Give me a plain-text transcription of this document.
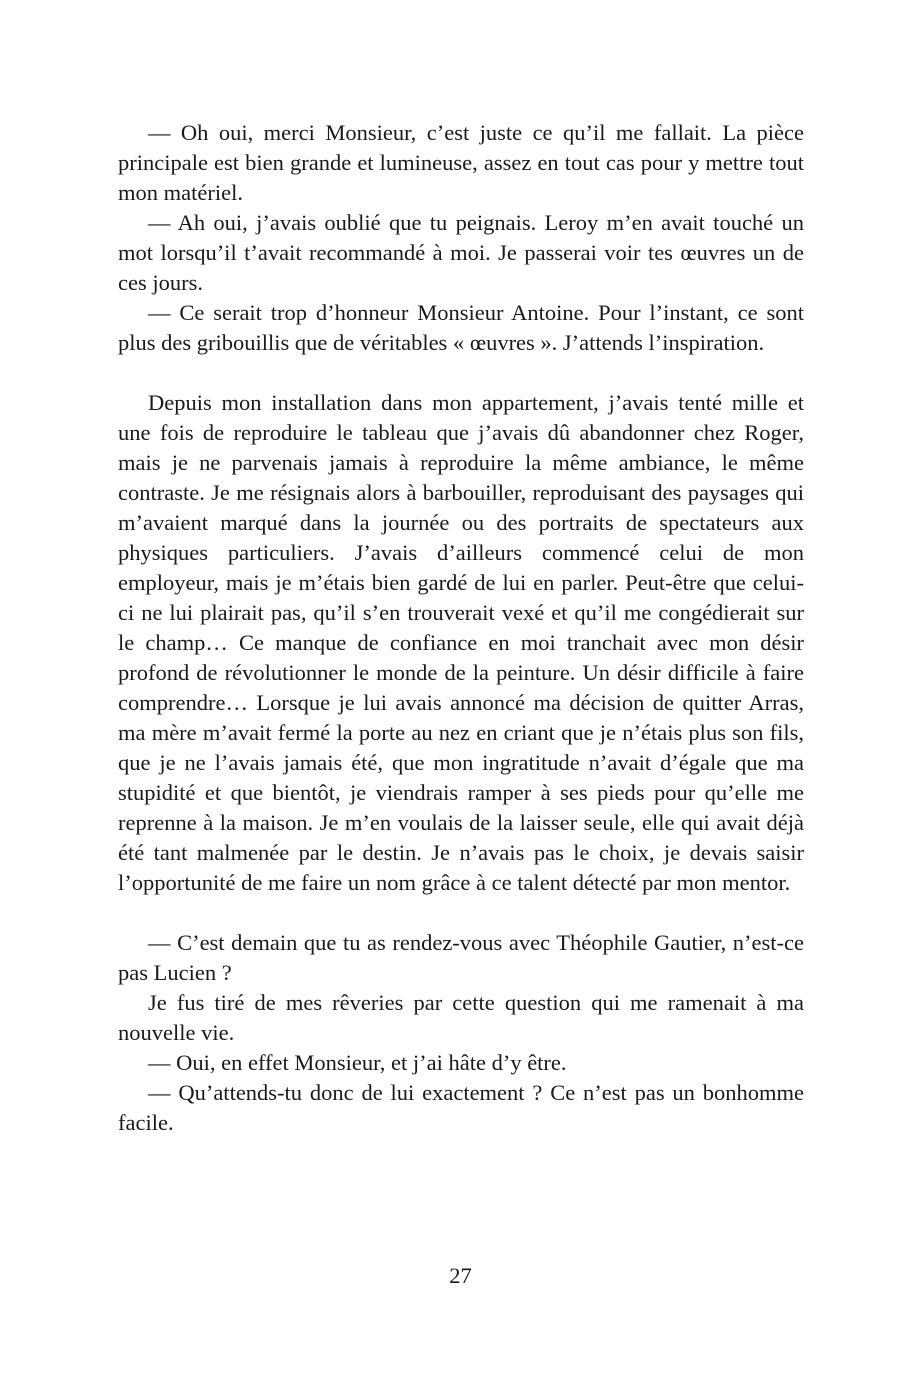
— Oh oui, merci Monsieur, c’est juste ce qu’il me fallait. La pièce principale est bien grande et lumineuse, assez en tout cas pour y mettre tout mon matériel.

— Ah oui, j’avais oublié que tu peignais. Leroy m’en avait touché un mot lorsqu’il t’avait recommandé à moi. Je passerai voir tes œuvres un de ces jours.

— Ce serait trop d’honneur Monsieur Antoine. Pour l’instant, ce sont plus des gribouillis que de véritables « œuvres ». J’attends l’inspiration.

Depuis mon installation dans mon appartement, j’avais tenté mille et une fois de reproduire le tableau que j’avais dû abandonner chez Roger, mais je ne parvenais jamais à reproduire la même ambiance, le même contraste. Je me résignais alors à barbouiller, reproduisant des paysages qui m’avaient marqué dans la journée ou des portraits de spectateurs aux physiques particuliers. J’avais d’ailleurs commencé celui de mon employeur, mais je m’étais bien gardé de lui en parler. Peut-être que celui-ci ne lui plairait pas, qu’il s’en trouverait vexé et qu’il me congédierait sur le champ… Ce manque de confiance en moi tranchait avec mon désir profond de révolutionner le monde de la peinture. Un désir difficile à faire comprendre… Lorsque je lui avais annoncé ma décision de quitter Arras, ma mère m’avait fermé la porte au nez en criant que je n’étais plus son fils, que je ne l’avais jamais été, que mon ingratitude n’avait d’égale que ma stupidité et que bientôt, je viendrais ramper à ses pieds pour qu’elle me reprenne à la maison. Je m’en voulais de la laisser seule, elle qui avait déjà été tant malmenée par le destin. Je n’avais pas le choix, je devais saisir l’opportunité de me faire un nom grâce à ce talent détecté par mon mentor.

— C’est demain que tu as rendez-vous avec Théophile Gautier, n’est-ce pas Lucien ?

Je fus tiré de mes rêveries par cette question qui me ramenait à ma nouvelle vie.

— Oui, en effet Monsieur, et j’ai hâte d’y être.

— Qu’attends-tu donc de lui exactement ? Ce n’est pas un bonhomme facile.

27
